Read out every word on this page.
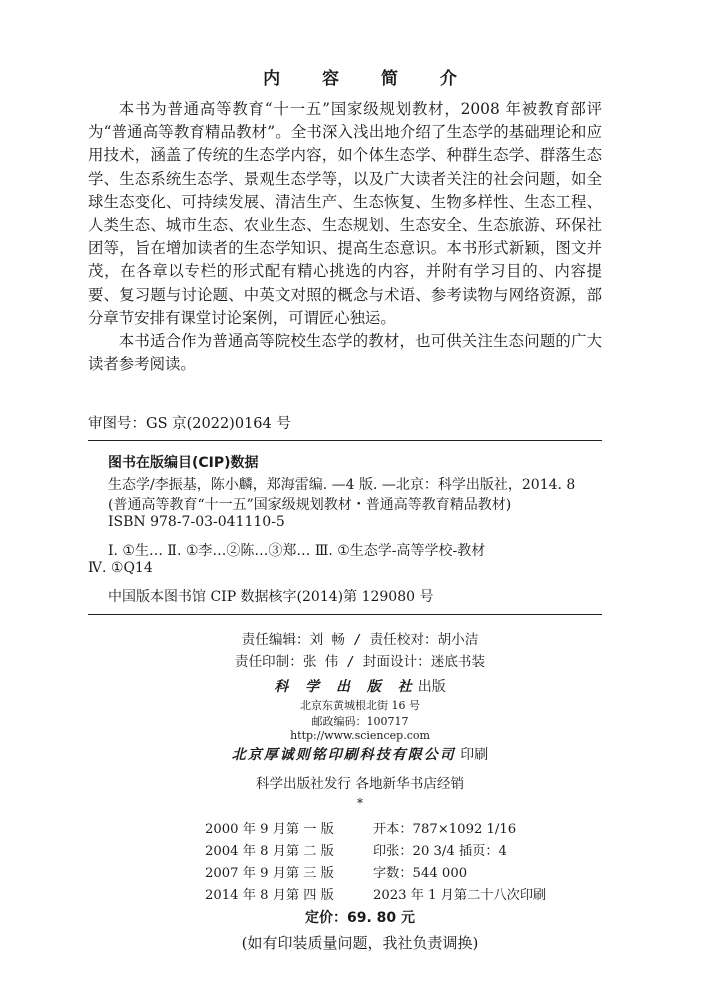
内 容 简 介

本书为普通高等教育“十一五”国家级规划教材，2008 年被教育部评为“普通高等教育精品教材”。全书深入浅出地介绍了生态学的基础理论和应用技术，涵盖了传统的生态学内容，如个体生态学、种群生态学、群落生态学、生态系统生态学、景观生态学等，以及广大读者关注的社会问题，如全球生态变化、可持续发展、清洁生产、生态恢复、生物多样性、生态工程、人类生态、城市生态、农业生态、生态规划、生态安全、生态旅游、环保社团等，旨在增加读者的生态学知识、提高生态意识。本书形式新颖，图文并茂，在各章以专栏的形式配有精心挑选的内容，并附有学习目的、内容提要、复习题与讨论题、中英文对照的概念与术语、参考读物与网络资源，部分章节安排有课堂讨论案例，可谓匠心独运。

本书适合作为普通高等院校生态学的教材，也可供关注生态问题的广大读者参考阅读。

审图号：GS 京(2022)0164 号
图书在版编目(CIP)数据
生态学/李振基，陈小麟，郑海雷编. —4 版. —北京：科学出版社，2014. 8
(普通高等教育“十一五”国家级规划教材・普通高等教育精品教材)
ISBN 978-7-03-041110-5
Ⅰ. ①生… Ⅱ. ①李…②陈…③郑… Ⅲ. ①生态学-高等学校-教材
Ⅳ. ①Q14
中国版本图书馆 CIP 数据核字(2014)第 129080 号
责任编辑：刘 畅 / 责任校对：胡小洁
责任印制：张 伟 / 封面设计：迷底书装
科 学 出 版 社出版
北京东黄城根北街 16 号
邮政编码：100717
http://www.sciencep.com
北京厚诚则铭印刷科技有限公司 印刷
科学出版社发行 各地新华书店经销
*
2000 年 9 月第 一 版	开本：787×1092 1/16
2004 年 8 月第 二 版	印张：20 3/4 插页：4
2007 年 9 月第 三 版	字数：544 000
2014 年 8 月第 四 版	2023 年 1 月第二十八次印刷
定价：69. 80 元
(如有印装质量问题，我社负责调换)
